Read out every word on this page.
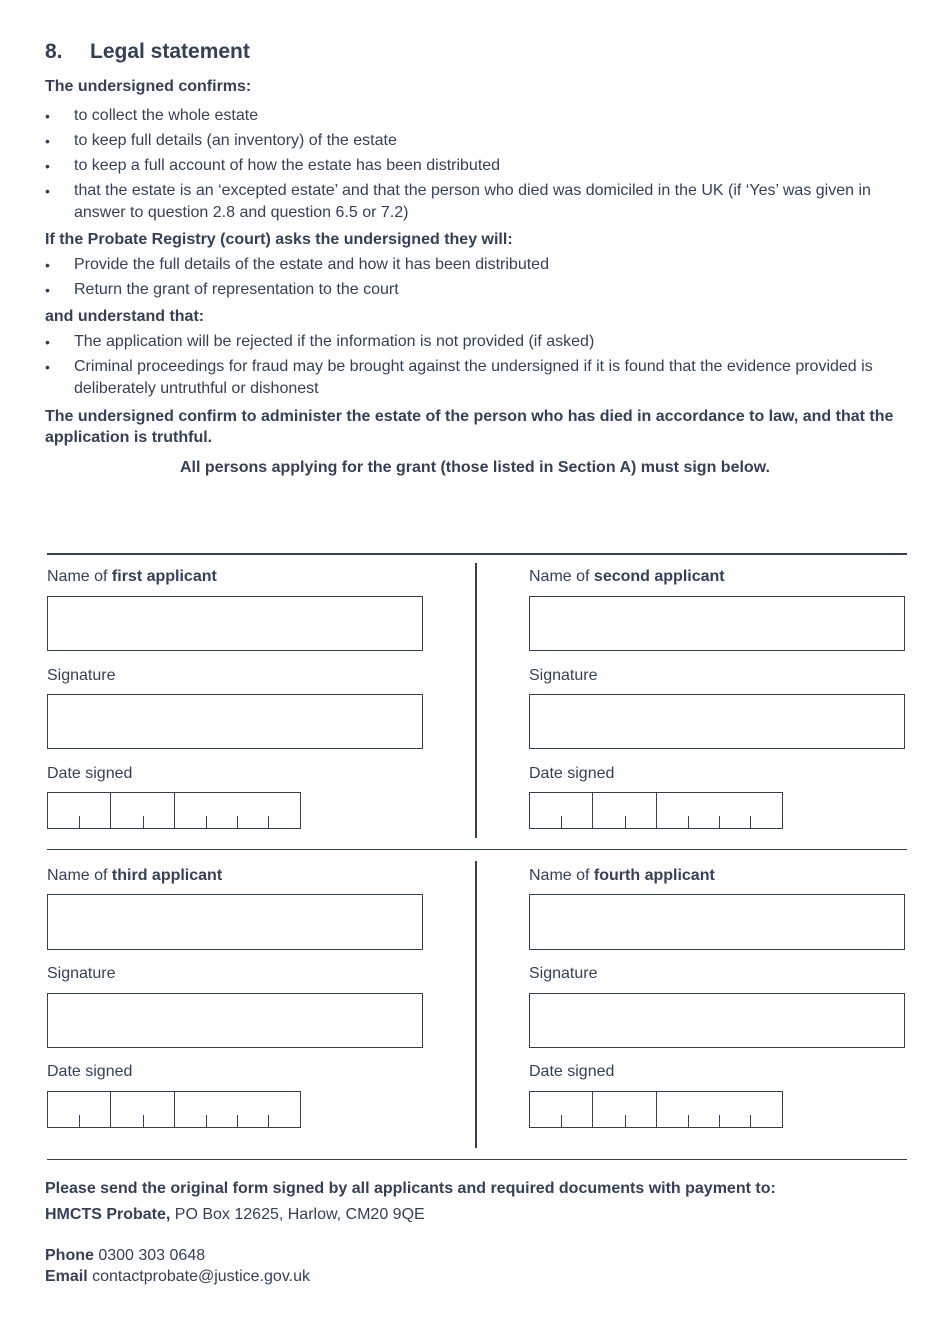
8. Legal statement
The undersigned confirms:
• to collect the whole estate
• to keep full details (an inventory) of the estate
• to keep a full account of how the estate has been distributed
• that the estate is an ‘excepted estate’ and that the person who died was domiciled in the UK (if ‘Yes’ was given in answer to question 2.8 and question 6.5 or 7.2)
If the Probate Registry (court) asks the undersigned they will:
• Provide the full details of the estate and how it has been distributed
• Return the grant of representation to the court
and understand that:
• The application will be rejected if the information is not provided (if asked)
• Criminal proceedings for fraud may be brought against the undersigned if it is found that the evidence provided is deliberately untruthful or dishonest
The undersigned confirm to administer the estate of the person who has died in accordance to law, and that the application is truthful.
All persons applying for the grant (those listed in Section A) must sign below.
Name of first applicant
Signature
Date signed
Name of second applicant
Signature
Date signed
Name of third applicant
Signature
Date signed
Name of fourth applicant
Signature
Date signed
Please send the original form signed by all applicants and required documents with payment to:
HMCTS Probate, PO Box 12625, Harlow, CM20 9QE
Phone 0300 303 0648
Email contactprobate@justice.gov.uk
